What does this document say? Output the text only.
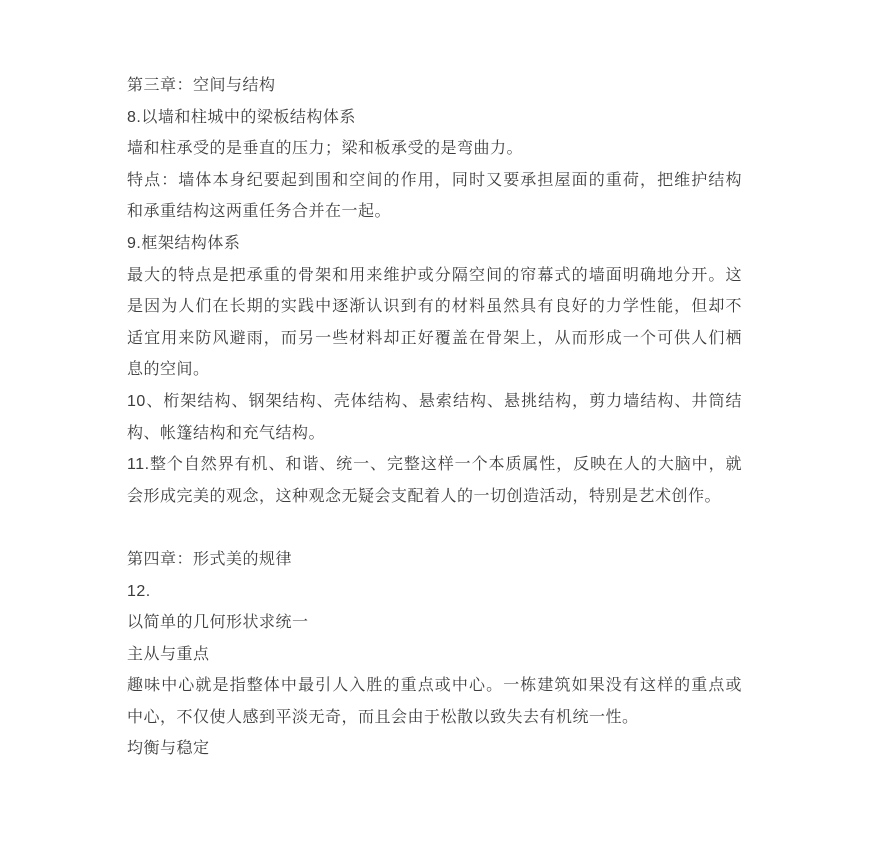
第三章：空间与结构
8.以墙和柱城中的梁板结构体系
墙和柱承受的是垂直的压力；梁和板承受的是弯曲力。
特点：墙体本身纪要起到围和空间的作用，同时又要承担屋面的重荷，把维护结构
和承重结构这两重任务合并在一起。
9.框架结构体系
最大的特点是把承重的骨架和用来维护或分隔空间的帘幕式的墙面明确地分开。这
是因为人们在长期的实践中逐渐认识到有的材料虽然具有良好的力学性能，但却不
适宜用来防风避雨，而另一些材料却正好覆盖在骨架上，从而形成一个可供人们栖
息的空间。
10、桁架结构、钢架结构、壳体结构、悬索结构、悬挑结构，剪力墙结构、井筒结
构、帐篷结构和充气结构。
11.整个自然界有机、和谐、统一、完整这样一个本质属性，反映在人的大脑中，就
会形成完美的观念，这种观念无疑会支配着人的一切创造活动，特别是艺术创作。
第四章：形式美的规律
12.
以简单的几何形状求统一
主从与重点
趣味中心就是指整体中最引人入胜的重点或中心。一栋建筑如果没有这样的重点或
中心，不仅使人感到平淡无奇，而且会由于松散以致失去有机统一性。
均衡与稳定
